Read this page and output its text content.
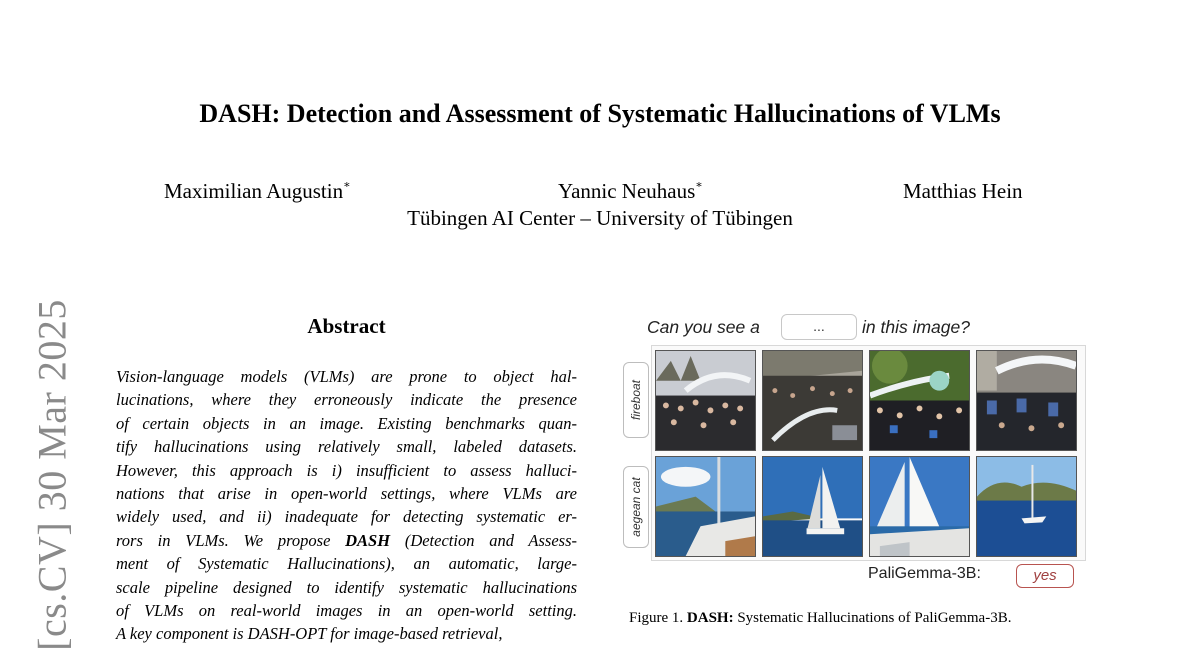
[cs.CV] 30 Mar 2025
DASH: Detection and Assessment of Systematic Hallucinations of VLMs
Maximilian Augustin∗	Yannic Neuhaus∗	Matthias Hein
Tübingen AI Center – University of Tübingen
Abstract
Vision-language models (VLMs) are prone to object hal-
lucinations, where they erroneously indicate the presence
of certain objects in an image. Existing benchmarks quan-
tify hallucinations using relatively small, labeled datasets.
However, this approach is i) insufficient to assess halluci-
nations that arise in open-world settings, where VLMs are
widely used, and ii) inadequate for detecting systematic er-
rors in VLMs. We propose DASH (Detection and Assess-
ment of Systematic Hallucinations), an automatic, large-
scale pipeline designed to identify systematic hallucinations
of VLMs on real-world images in an open-world setting.
A key component is DASH-OPT for image-based retrieval,
Can you see a	...	in this image?
fireboat
aegean cat
PaliGemma-3B:	yes
Figure 1. DASH: Systematic Hallucinations of PaliGemma-3B.
